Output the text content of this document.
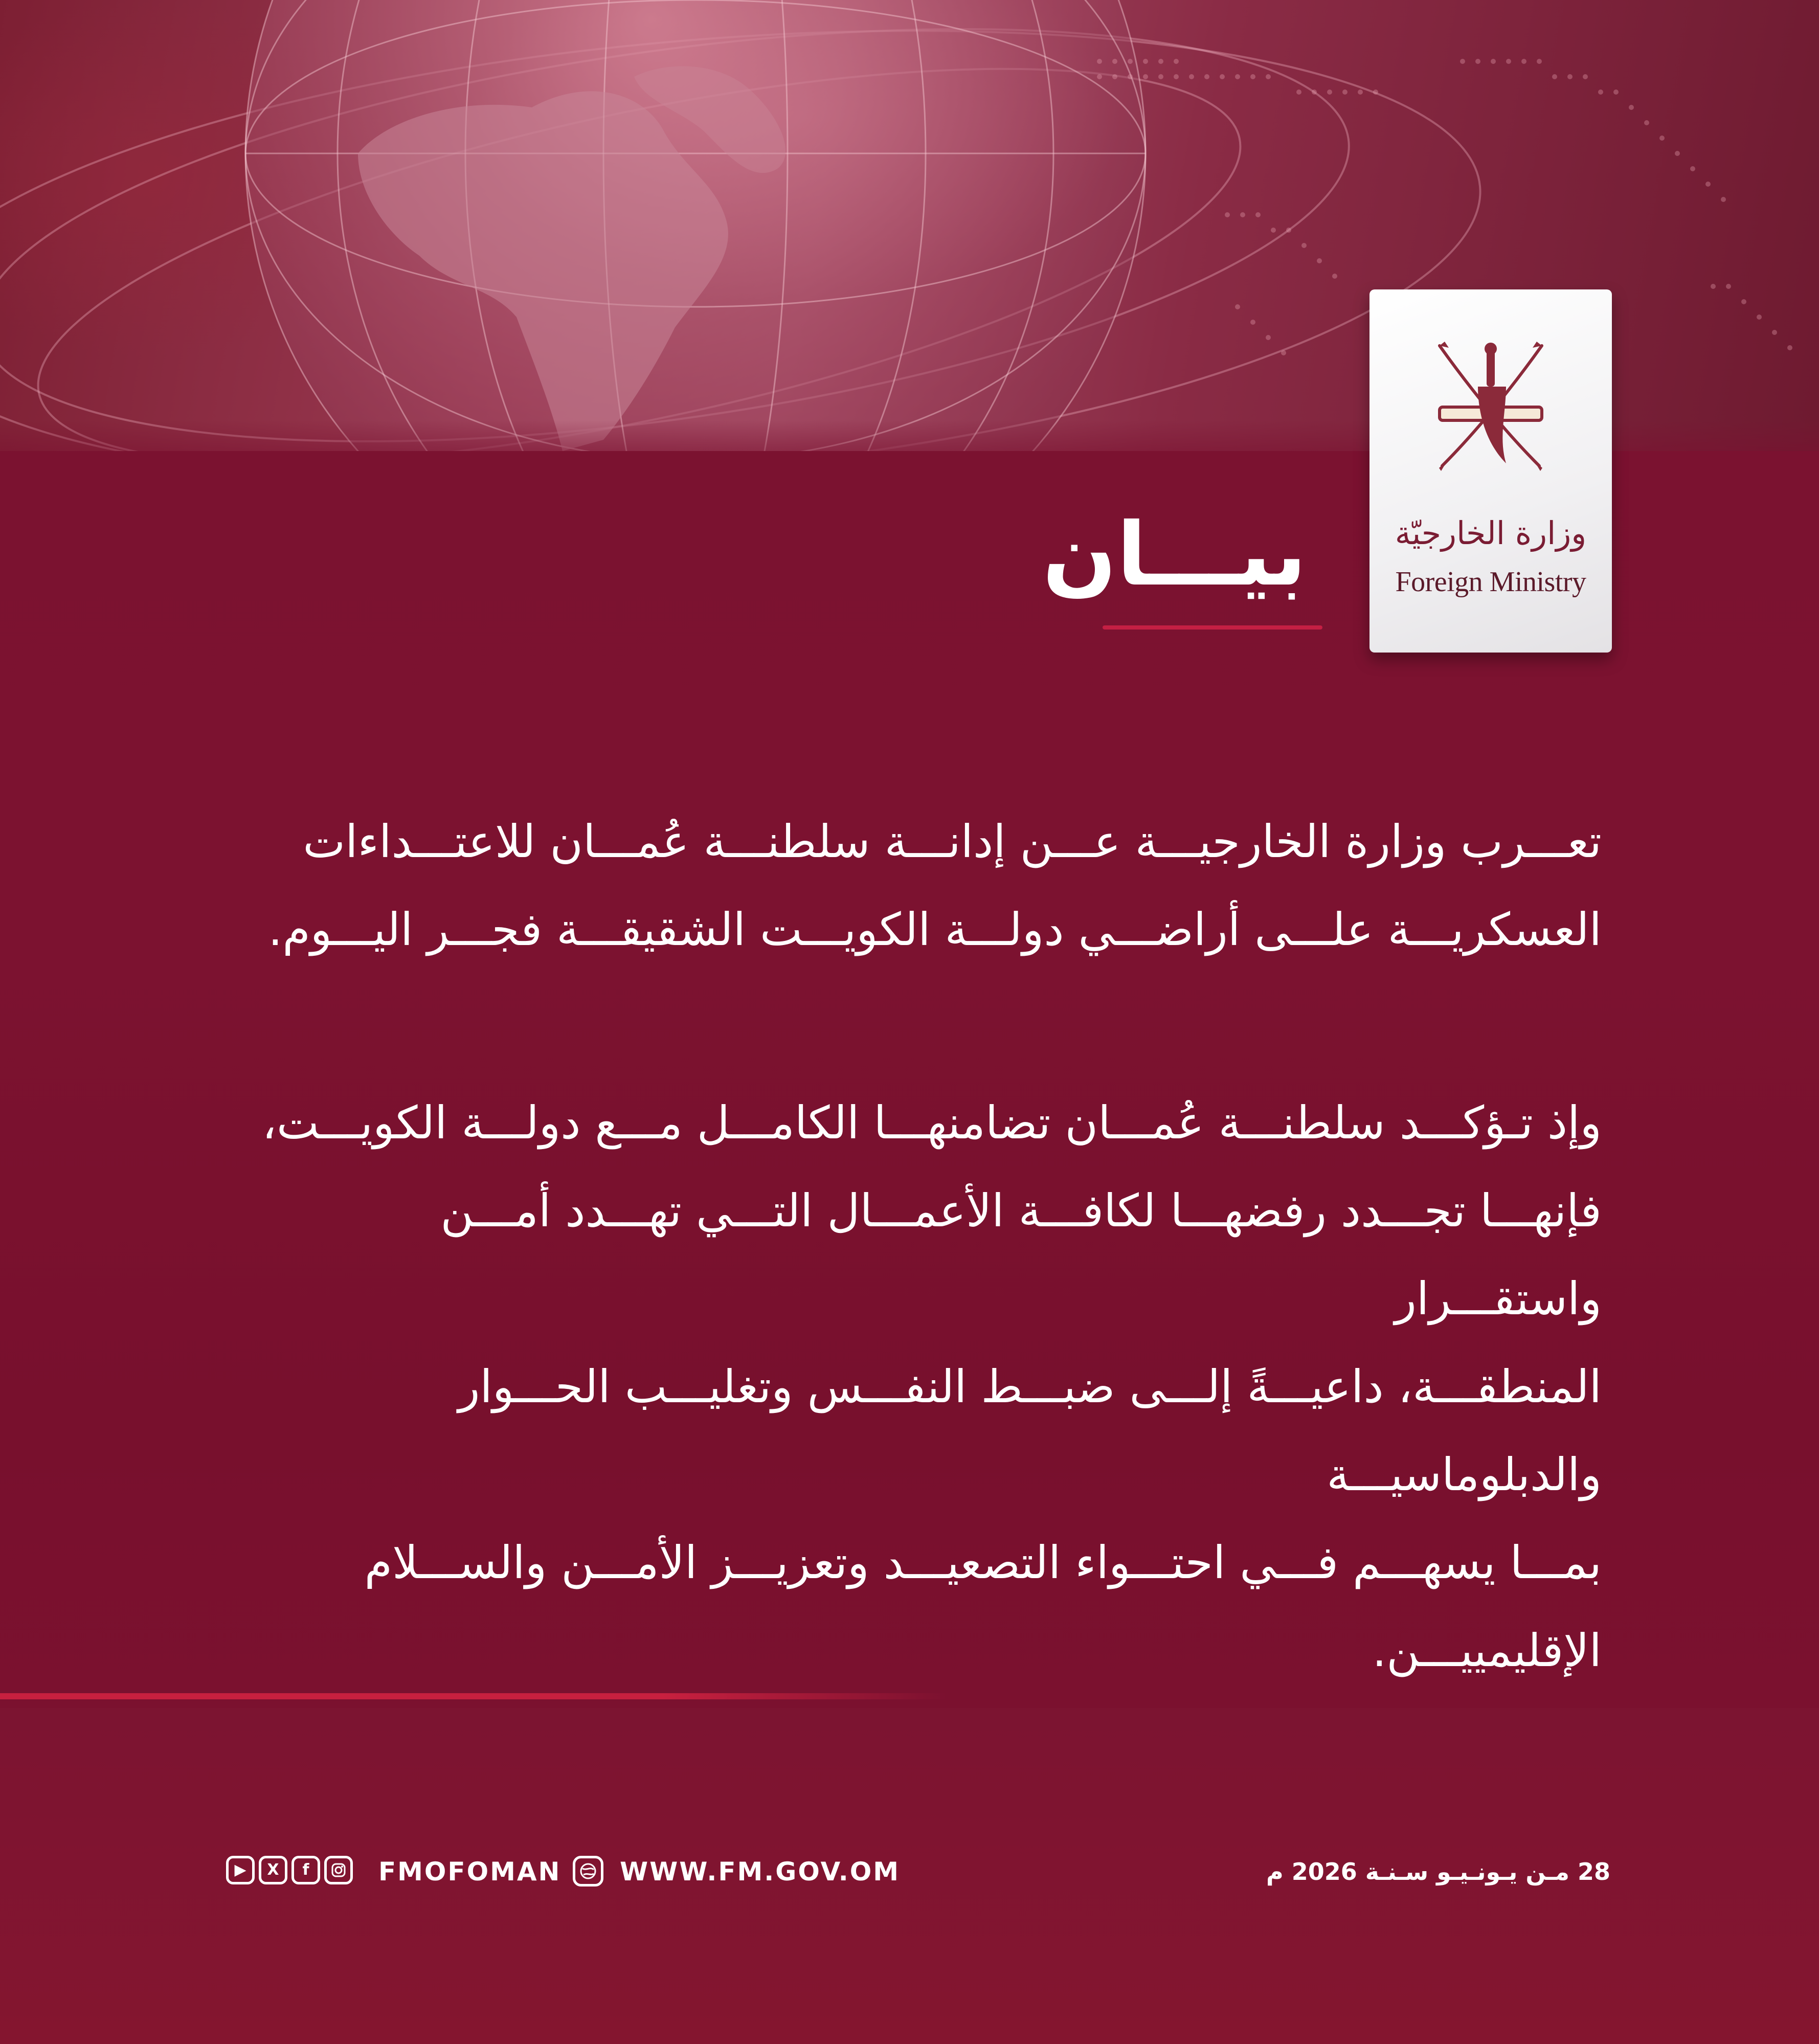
وزارة الخارجيّة
Foreign Ministry
بيـــان

تعـــرب وزارة الخارجيـــة عـــن إدانـــة سلطنـــة عُمـــان للاعتـــداءات

العسكريـــة علـــى أراضـــي دولـــة الكويـــت الشقيقـــة فجـــر اليـــوم.

وإذ تـؤكـــد سلطنـــة عُمـــان تضامنهـــا الكامـــل مـــع دولـــة الكويـــت،

فإنهـــا تجـــدد رفضهـــا لكافـــة الأعمـــال التـــي تهـــدد أمـــن واستقـــرار

المنطقـــة، داعيـــةً إلـــى ضبـــط النفـــس وتغليـــب الحـــوار والدبلوماسيـــة

بمـــا يسهـــم فـــي احتـــواء التصعيـــد وتعزيـــز الأمـــن والســـلام الإقليمييـــن.

▶	X	f	FMOFOMAN WWW.FM.GOV.OM	28 مـن يـونـيـو سـنـة 2026 م
